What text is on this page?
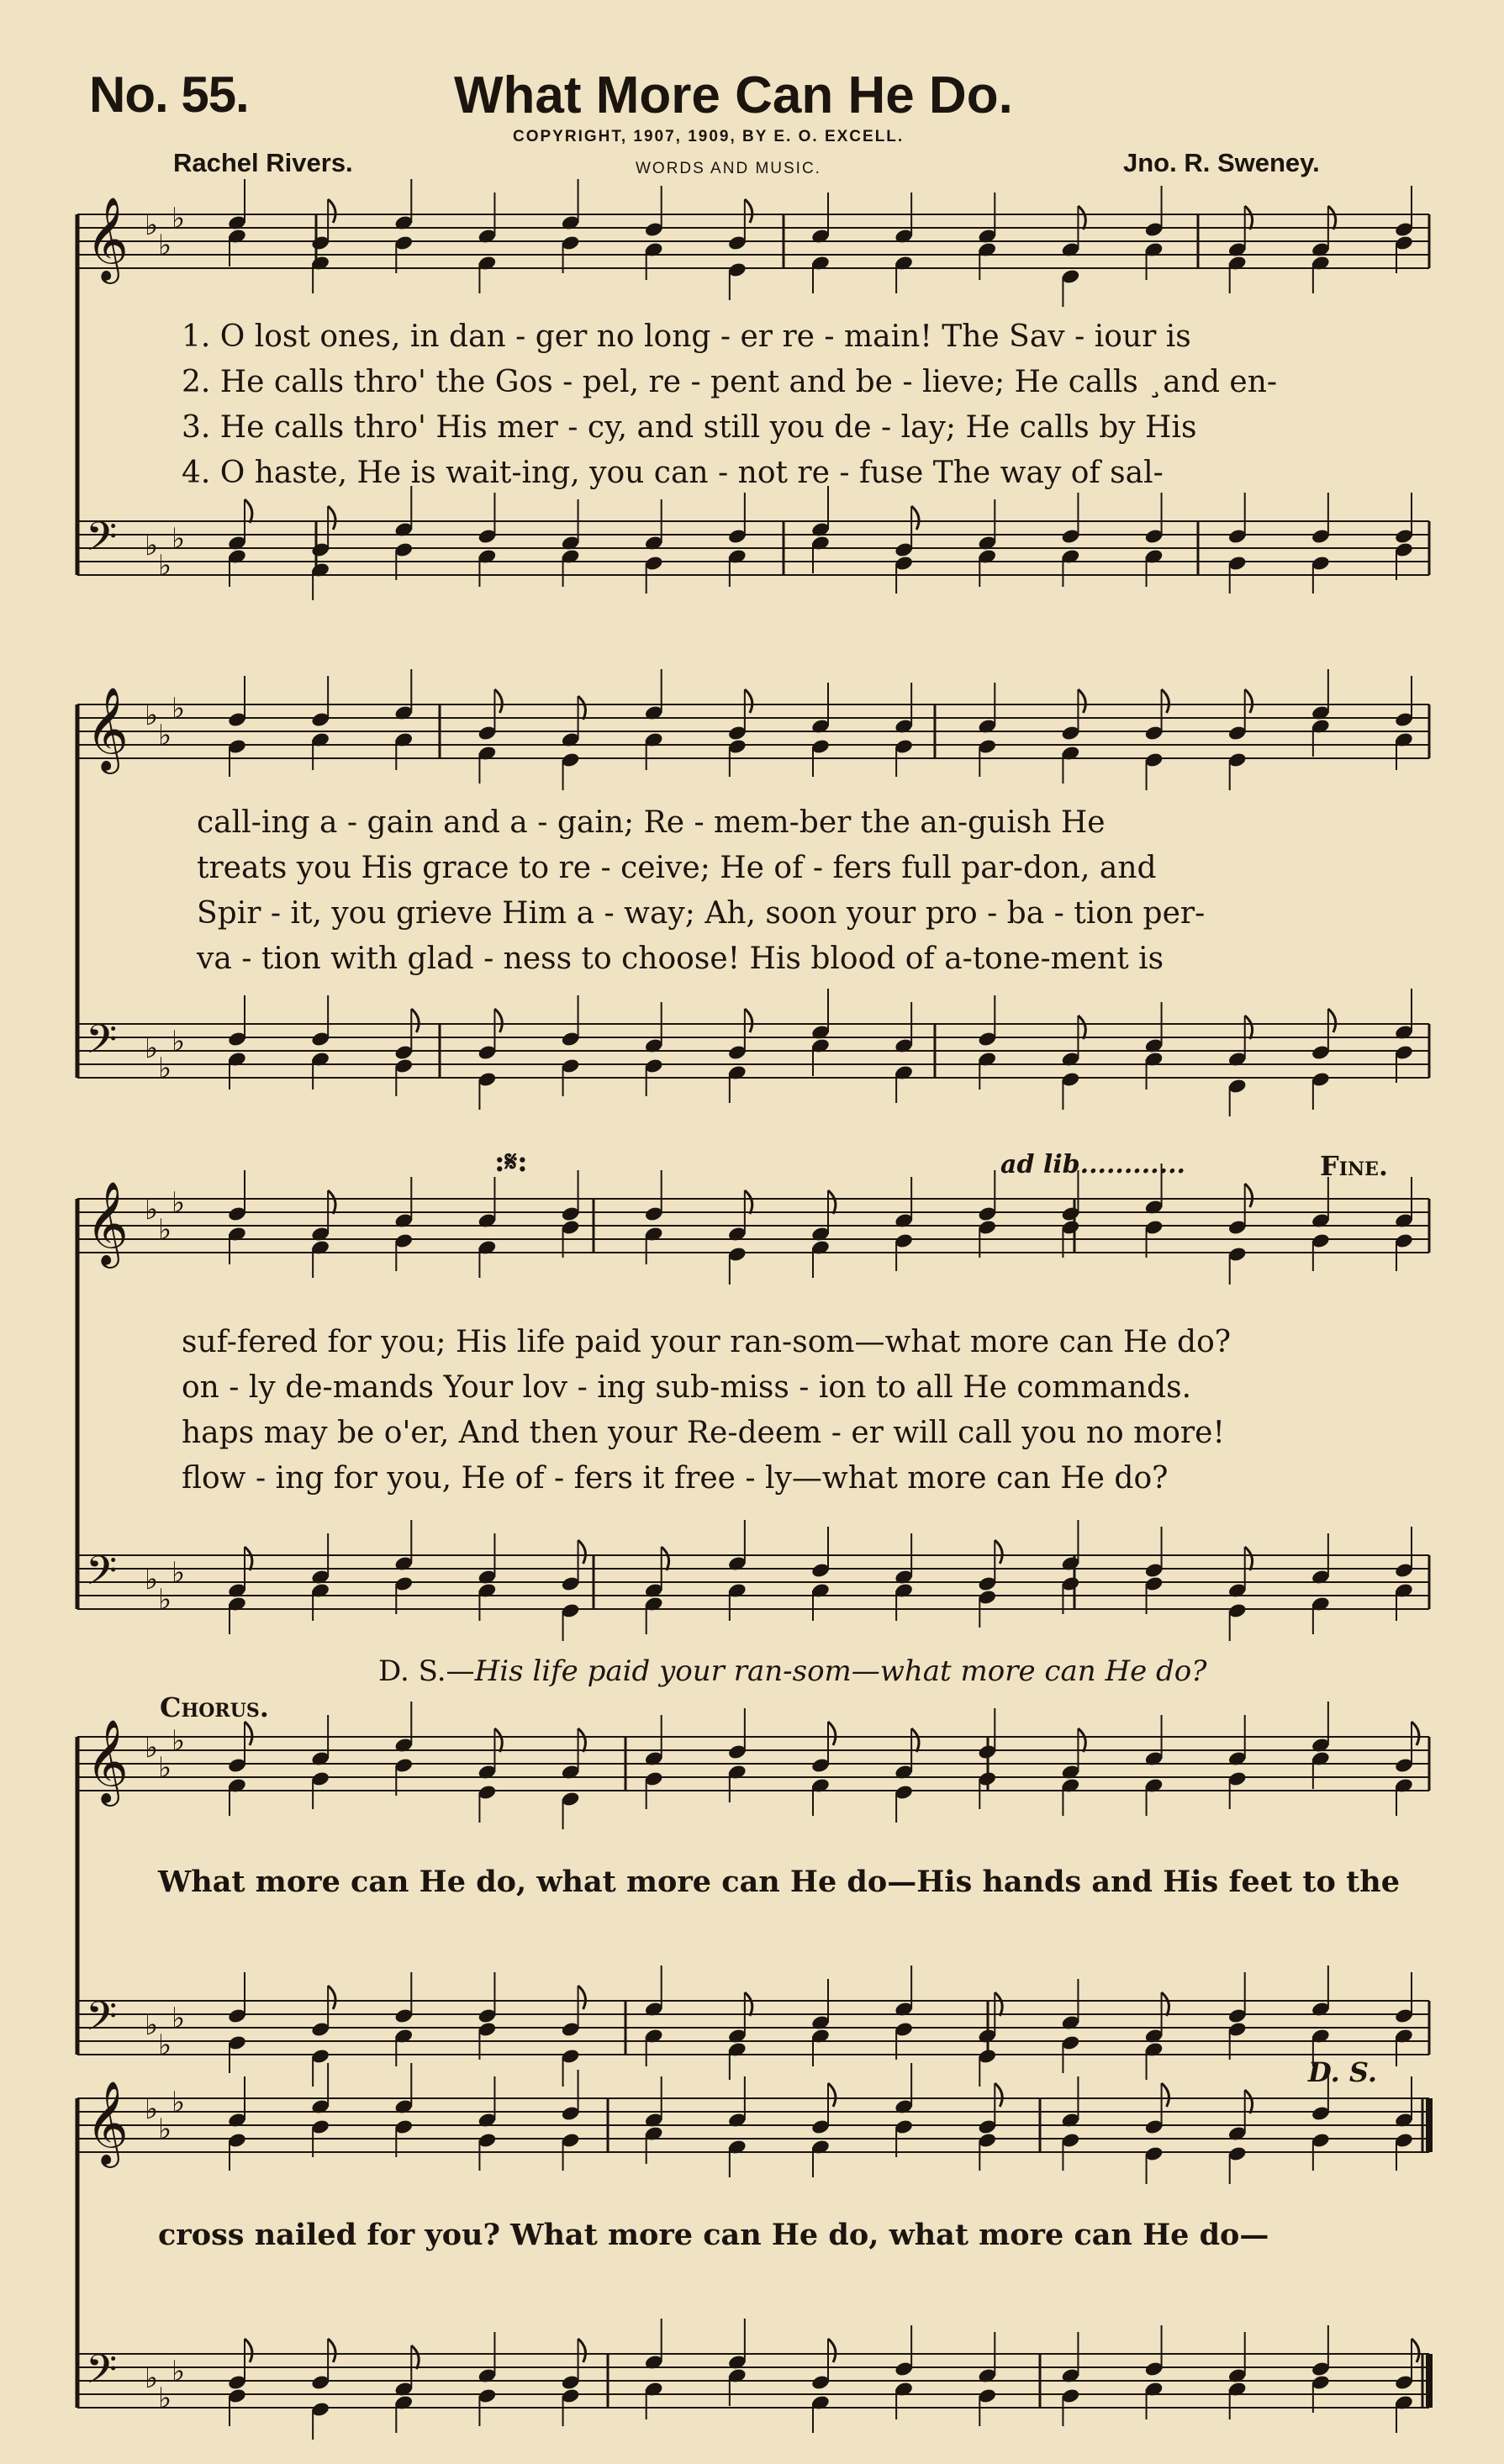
No. 55.	What More Can He Do.
COPYRIGHT, 1907, 1909, BY E. O. EXCELL.
WORDS AND MUSIC.
Rachel Rivers.	Jno. R. Sweney.
𝄞 ♭
♭
♭
𝄢 ♭
♭
♭
𝄞 ♭
♭
♭
𝄢 ♭
♭
♭
𝄞 ♭
♭
♭
𝄢 ♭
♭
♭
𝄞 ♭
♭
♭
𝄢 ♭
♭
♭
𝄞 ♭
♭
♭
𝄢 ♭
♭
♭
1. O lost ones, in dan - ger no long - er re - main! The Sav - iour is
2. He calls thro' the Gos - pel, re - pent and be - lieve; He calls ¸and en-
3. He calls thro' His mer - cy, and still you de - lay; He calls by His
4. O haste, He is wait-ing, you can - not re - fuse The way of sal-
call-ing a - gain and a - gain; Re - mem-ber the an-guish He
treats you His grace to re - ceive; He of - fers full par-don, and
Spir - it, you grieve Him a - way; Ah, soon your pro - ba - tion per-
va - tion with glad - ness to choose! His blood of a-tone-ment is
suf-fered for you; His life paid your ran-som—what more can He do?
on - ly de-mands Your lov - ing sub-miss - ion to all He commands.
haps may be o'er, And then your Re-deem - er will call you no more!
flow - ing for you, He of - fers it free - ly—what more can He do?
:𝄋:	ad lib............	Fine.
D. S.—His life paid your ran-som—what more can He do?
Chorus.
What more can He do, what more can He do—His hands and His feet to the
D. S.
cross nailed for you? What more can He do, what more can He do—
